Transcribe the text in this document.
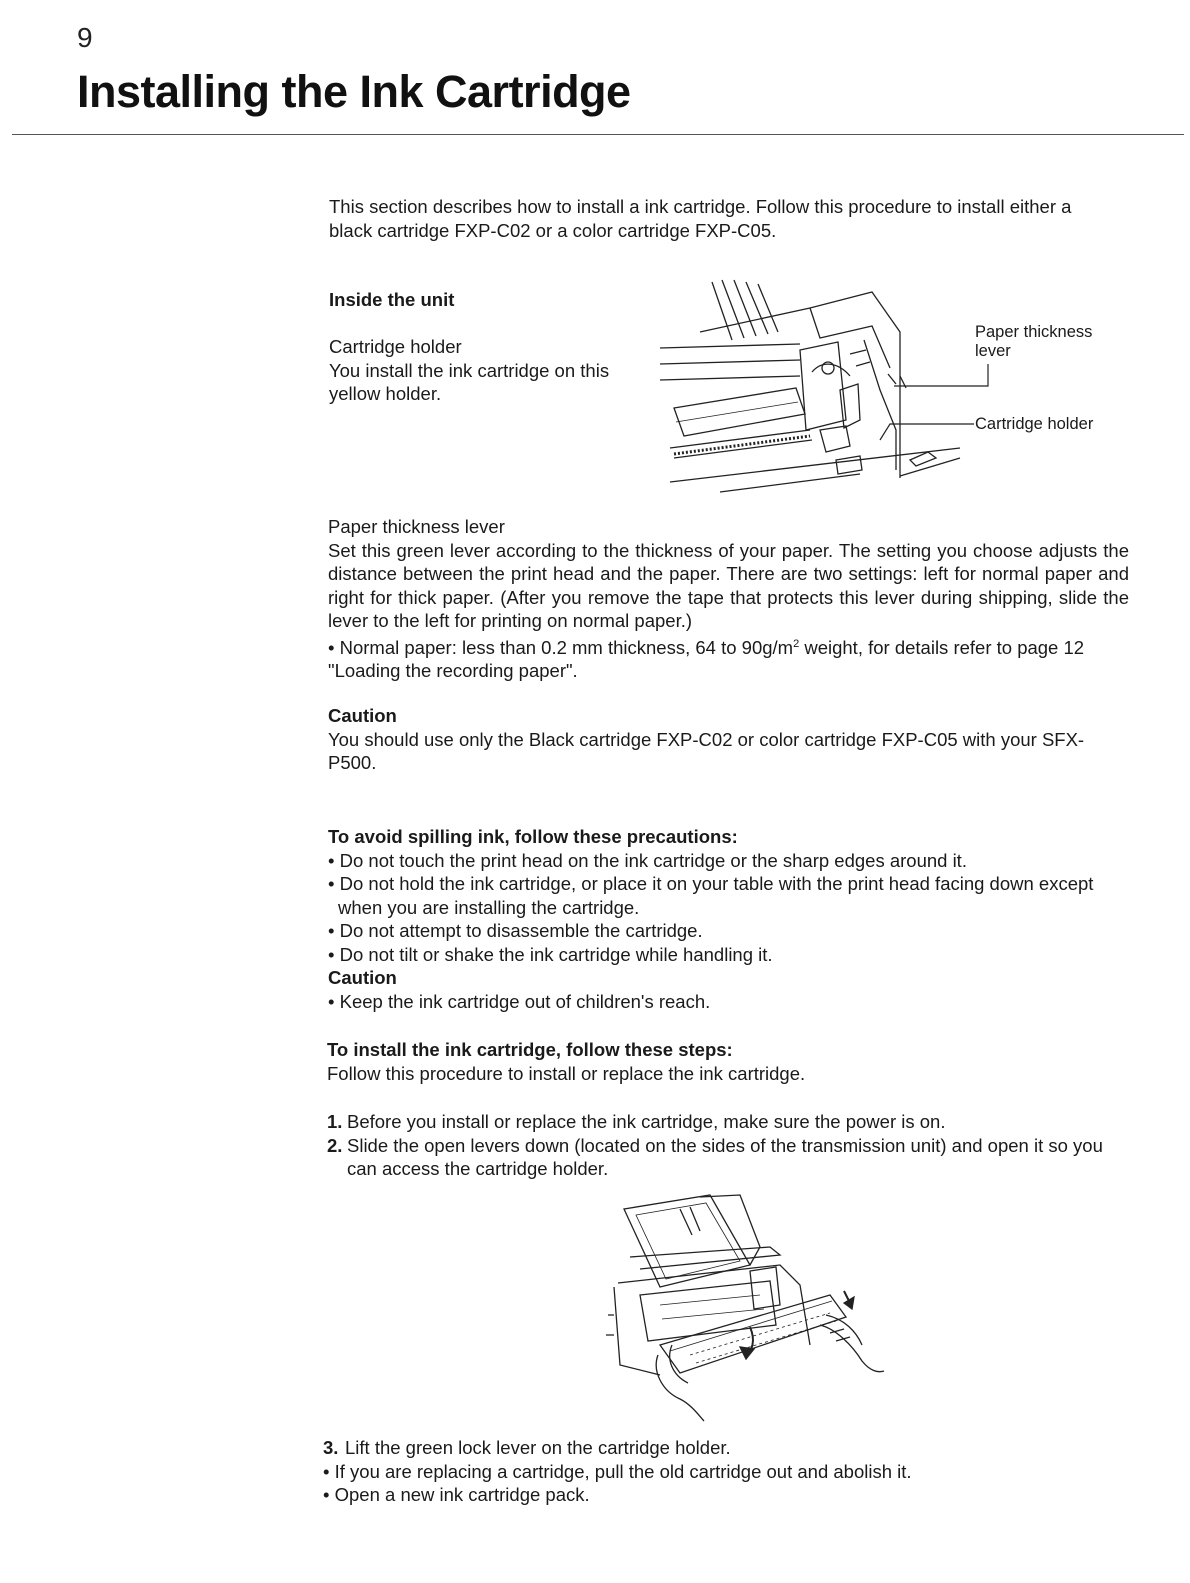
9
Installing the Ink Cartridge
This section describes how to install a ink cartridge. Follow this procedure to install either a black cartridge FXP-C02 or a color cartridge FXP-C05.
Inside the unit
Cartridge holder
You install the ink cartridge on this yellow holder.
Paper thickness lever
Cartridge holder
Paper thickness lever
Set this green lever according to the thickness of your paper. The setting you choose adjusts the distance between the print head and the paper. There are two settings: left for normal paper and right for thick paper. (After you remove the tape that protects this lever during shipping, slide the lever to the left for printing on normal paper.)
• Normal paper: less than 0.2 mm thickness, 64 to $90g/m^2$ weight, for details refer to page 12 "Loading the recording paper".
Caution
You should use only the Black cartridge FXP-C02 or color cartridge FXP-C05 with your SFX-P500.
To avoid spilling ink, follow these precautions:
• Do not touch the print head on the ink cartridge or the sharp edges around it.
• Do not hold the ink cartridge, or place it on your table with the print head facing down except when you are installing the cartridge.
• Do not attempt to disassemble the cartridge.
• Do not tilt or shake the ink cartridge while handling it.
Caution
• Keep the ink cartridge out of children's reach.
To install the ink cartridge, follow these steps:
Follow this procedure to install or replace the ink cartridge.
1. Before you install or replace the ink cartridge, make sure the power is on.
2. Slide the open levers down (located on the sides of the transmission unit) and open it so you can access the cartridge holder.
3. Lift the green lock lever on the cartridge holder.
• If you are replacing a cartridge, pull the old cartridge out and abolish it.
• Open a new ink cartridge pack.
